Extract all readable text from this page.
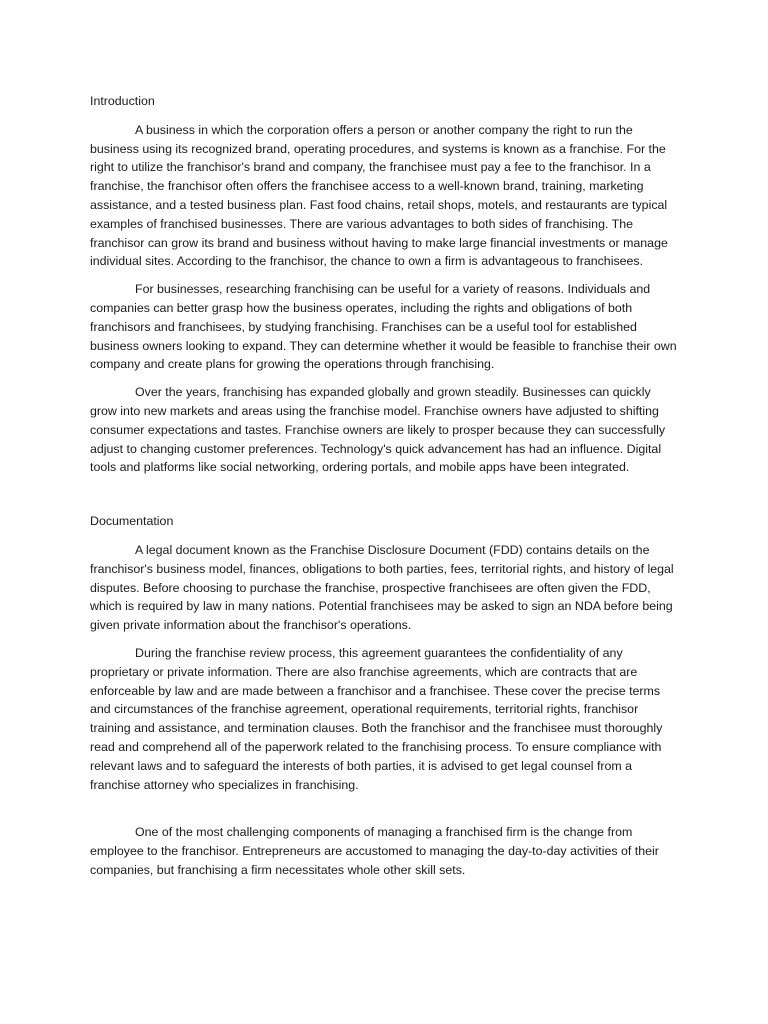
Introduction

A business in which the corporation offers a person or another company the right to run the business using its recognized brand, operating procedures, and systems is known as a franchise. For the right to utilize the franchisor's brand and company, the franchisee must pay a fee to the franchisor. In a franchise, the franchisor often offers the franchisee access to a well-known brand, training, marketing assistance, and a tested business plan. Fast food chains, retail shops, motels, and restaurants are typical examples of franchised businesses. There are various advantages to both sides of franchising. The franchisor can grow its brand and business without having to make large financial investments or manage individual sites. According to the franchisor, the chance to own a firm is advantageous to franchisees.

For businesses, researching franchising can be useful for a variety of reasons. Individuals and companies can better grasp how the business operates, including the rights and obligations of both franchisors and franchisees, by studying franchising. Franchises can be a useful tool for established business owners looking to expand. They can determine whether it would be feasible to franchise their own company and create plans for growing the operations through franchising.

Over the years, franchising has expanded globally and grown steadily. Businesses can quickly grow into new markets and areas using the franchise model. Franchise owners have adjusted to shifting consumer expectations and tastes. Franchise owners are likely to prosper because they can successfully adjust to changing customer preferences. Technology's quick advancement has had an influence. Digital tools and platforms like social networking, ordering portals, and mobile apps have been integrated.

Documentation

A legal document known as the Franchise Disclosure Document (FDD) contains details on the franchisor's business model, finances, obligations to both parties, fees, territorial rights, and history of legal disputes. Before choosing to purchase the franchise, prospective franchisees are often given the FDD, which is required by law in many nations. Potential franchisees may be asked to sign an NDA before being given private information about the franchisor's operations.

During the franchise review process, this agreement guarantees the confidentiality of any proprietary or private information. There are also franchise agreements, which are contracts that are enforceable by law and are made between a franchisor and a franchisee. These cover the precise terms and circumstances of the franchise agreement, operational requirements, territorial rights, franchisor training and assistance, and termination clauses. Both the franchisor and the franchisee must thoroughly read and comprehend all of the paperwork related to the franchising process. To ensure compliance with relevant laws and to safeguard the interests of both parties, it is advised to get legal counsel from a franchise attorney who specializes in franchising.

One of the most challenging components of managing a franchised firm is the change from employee to the franchisor. Entrepreneurs are accustomed to managing the day-to-day activities of their companies, but franchising a firm necessitates whole other skill sets.
